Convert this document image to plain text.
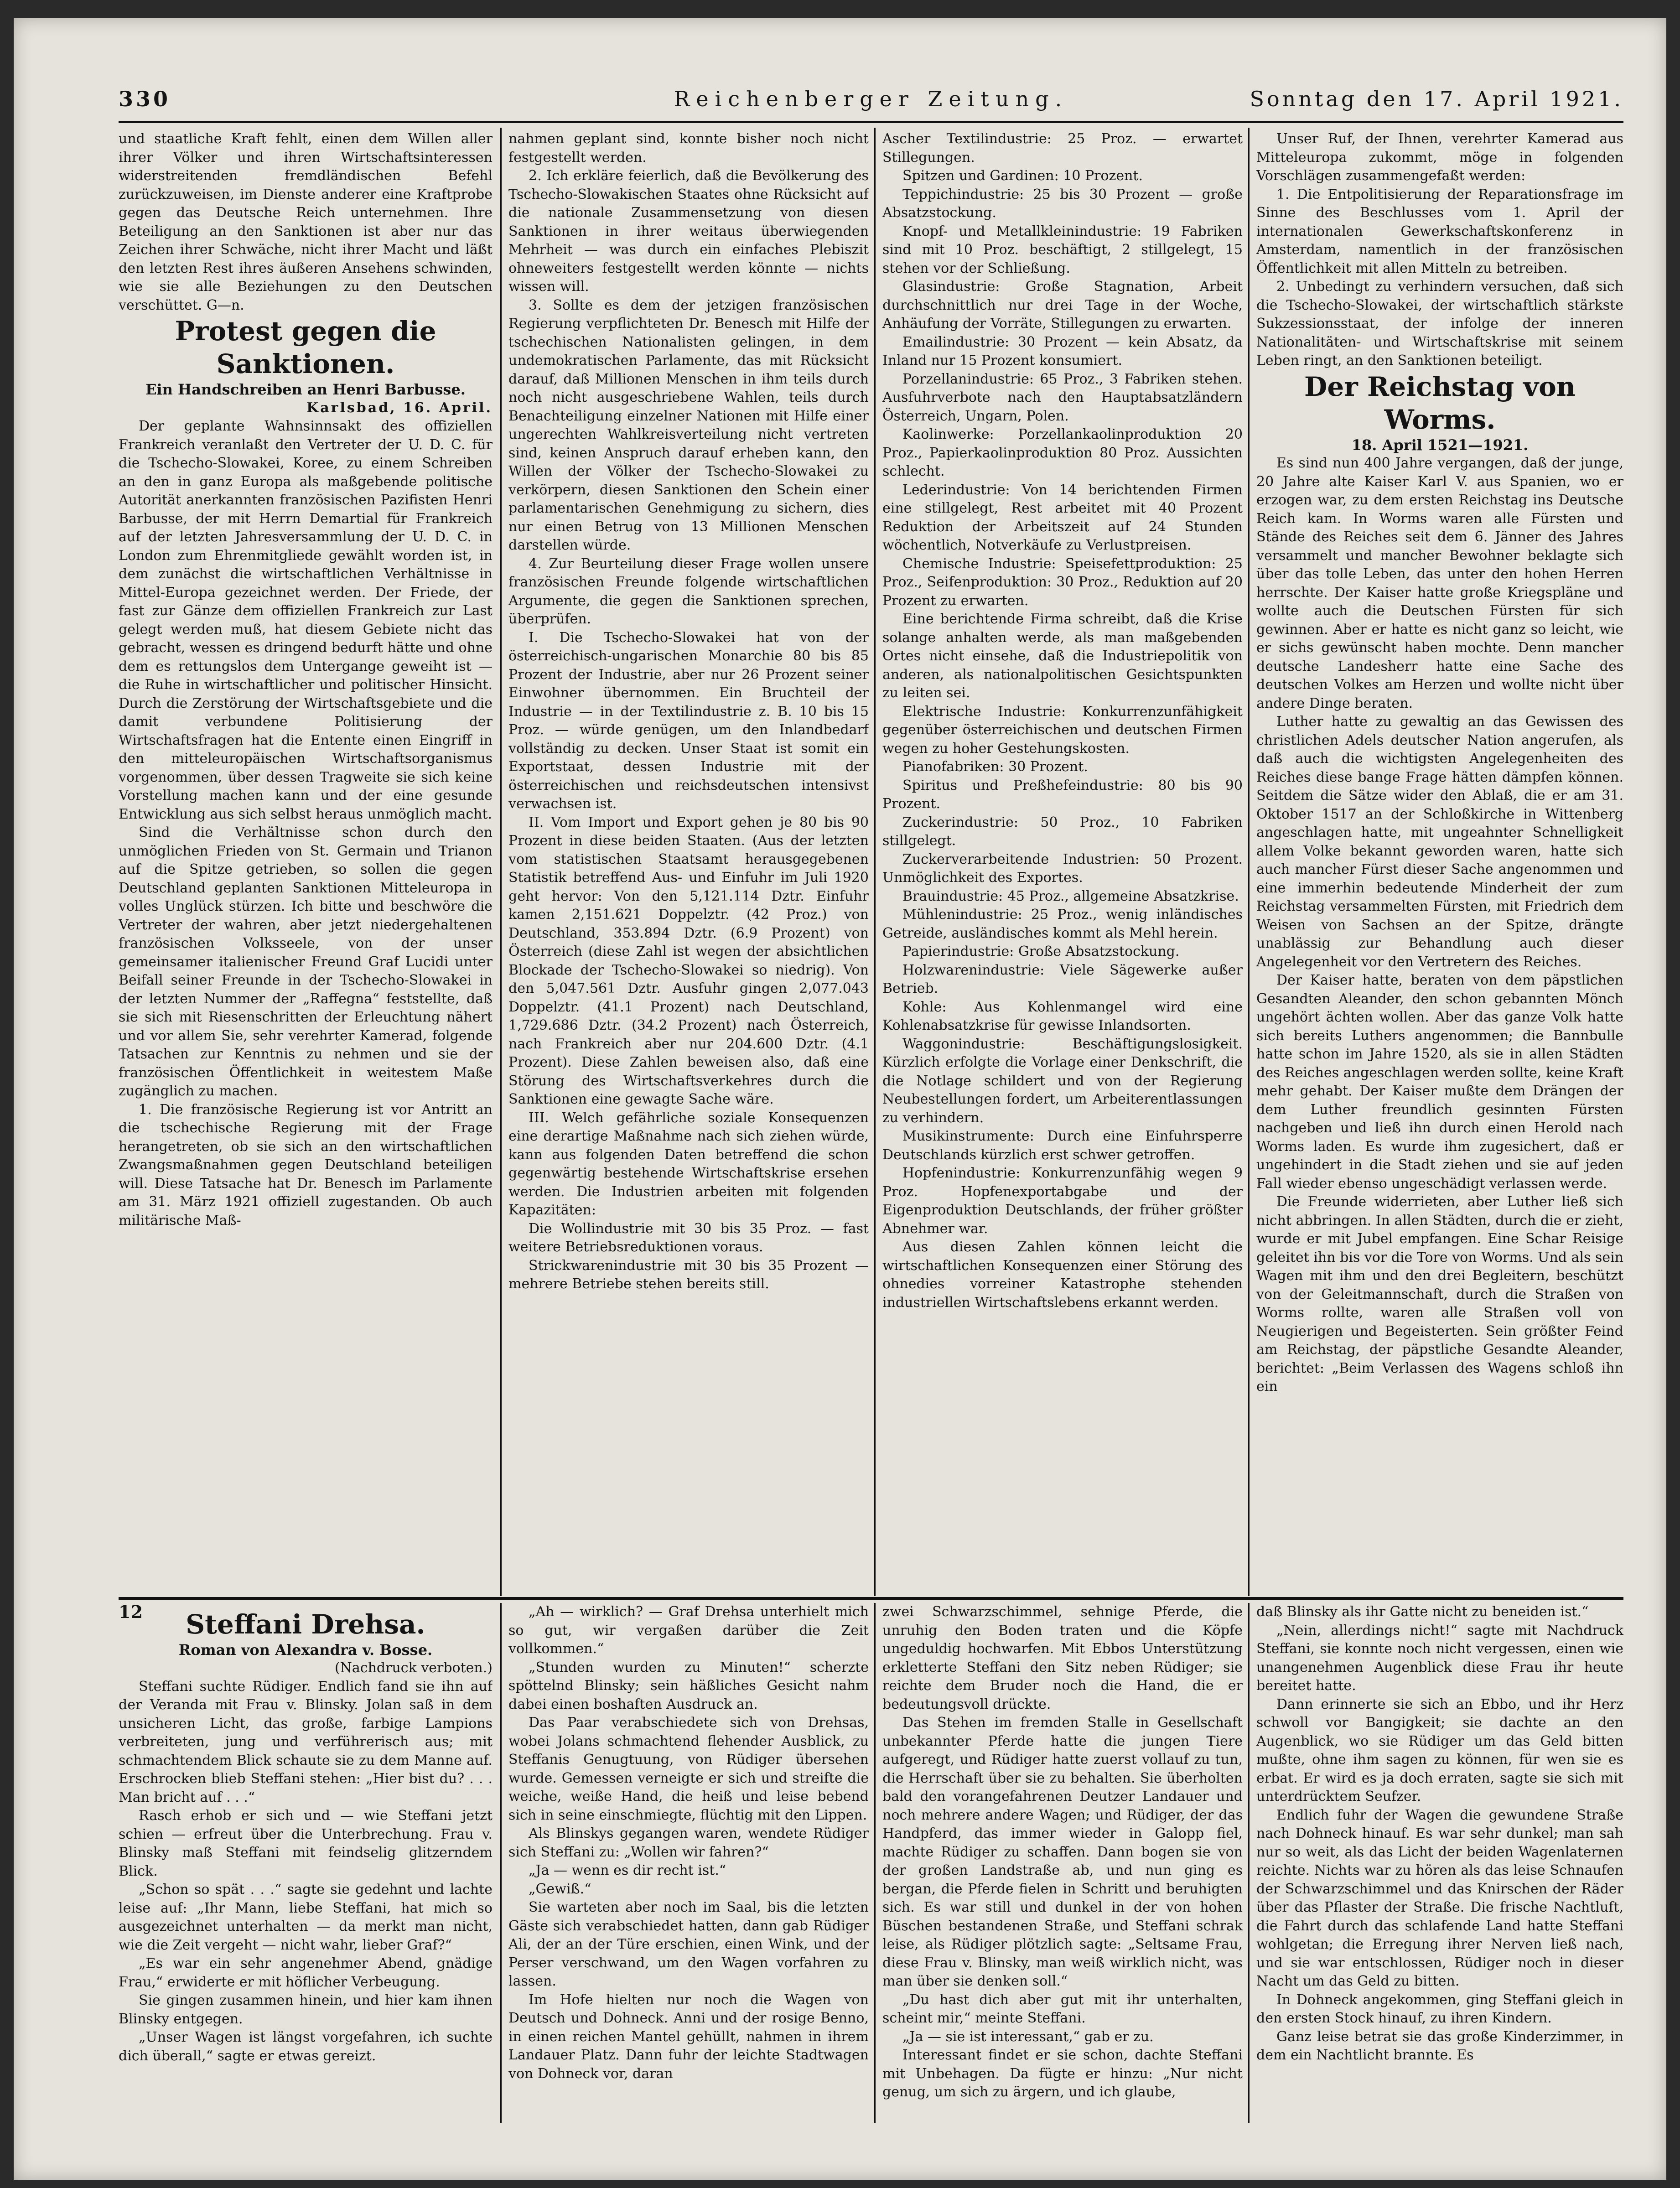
330	Reichenberger Zeitung.	Sonntag den 17. April 1921.

und staatliche Kraft fehlt, einen dem Willen aller ihrer Völker und ihren Wirtschaftsinteressen widerstreitenden fremdländischen Befehl zurückzuweisen, im Dienste anderer eine Kraftprobe gegen das Deutsche Reich unternehmen. Ihre Beteiligung an den Sanktionen ist aber nur das Zeichen ihrer Schwäche, nicht ihrer Macht und läßt den letzten Rest ihres äußeren Ansehens schwinden, wie sie alle Beziehungen zu den Deutschen verschüttet. G—n.

Protest gegen die Sanktionen.

Ein Handschreiben an Henri Barbusse.

Karlsbad, 16. April.

Der geplante Wahnsinnsakt des offiziellen Frankreich veranlaßt den Vertreter der U. D. C. für die Tschecho-Slowakei, Koree, zu einem Schreiben an den in ganz Europa als maßgebende politische Autorität anerkannten französischen Pazifisten Henri Barbusse, der mit Herrn Demartial für Frankreich auf der letzten Jahresversammlung der U. D. C. in London zum Ehrenmitgliede gewählt worden ist, in dem zunächst die wirtschaftlichen Verhältnisse in Mittel-Europa gezeichnet werden. Der Friede, der fast zur Gänze dem offiziellen Frankreich zur Last gelegt werden muß, hat diesem Gebiete nicht das gebracht, wessen es dringend bedurft hätte und ohne dem es rettungslos dem Untergange geweiht ist — die Ruhe in wirtschaftlicher und politischer Hinsicht. Durch die Zerstörung der Wirtschaftsgebiete und die damit verbundene Politisierung der Wirtschaftsfragen hat die Entente einen Eingriff in den mitteleuropäischen Wirtschaftsorganismus vorgenommen, über dessen Tragweite sie sich keine Vorstellung machen kann und der eine gesunde Entwicklung aus sich selbst heraus unmöglich macht.

Sind die Verhältnisse schon durch den unmöglichen Frieden von St. Germain und Trianon auf die Spitze getrieben, so sollen die gegen Deutschland geplanten Sanktionen Mitteleuropa in volles Unglück stürzen. Ich bitte und beschwöre die Vertreter der wahren, aber jetzt niedergehaltenen französischen Volksseele, von der unser gemeinsamer italienischer Freund Graf Lucidi unter Beifall seiner Freunde in der Tschecho-Slowakei in der letzten Nummer der „Raffegna“ feststellte, daß sie sich mit Riesenschritten der Erleuchtung nähert und vor allem Sie, sehr verehrter Kamerad, folgende Tatsachen zur Kenntnis zu nehmen und sie der französischen Öffentlichkeit in weitestem Maße zugänglich zu machen.

1. Die französische Regierung ist vor Antritt an die tschechische Regierung mit der Frage herangetreten, ob sie sich an den wirtschaftlichen Zwangsmaßnahmen gegen Deutschland beteiligen will. Diese Tatsache hat Dr. Benesch im Parlamente am 31. März 1921 offiziell zugestanden. Ob auch militärische Maß-

nahmen geplant sind, konnte bisher noch nicht festgestellt werden.

2. Ich erkläre feierlich, daß die Bevölkerung des Tschecho-Slowakischen Staates ohne Rücksicht auf die nationale Zusammensetzung von diesen Sanktionen in ihrer weitaus überwiegenden Mehrheit — was durch ein einfaches Plebiszit ohneweiters festgestellt werden könnte — nichts wissen will.

3. Sollte es dem der jetzigen französischen Regierung verpflichteten Dr. Benesch mit Hilfe der tschechischen Nationalisten gelingen, in dem undemokratischen Parlamente, das mit Rücksicht darauf, daß Millionen Menschen in ihm teils durch noch nicht ausgeschriebene Wahlen, teils durch Benachteiligung einzelner Nationen mit Hilfe einer ungerechten Wahlkreisverteilung nicht vertreten sind, keinen Anspruch darauf erheben kann, den Willen der Völker der Tschecho-Slowakei zu verkörpern, diesen Sanktionen den Schein einer parlamentarischen Genehmigung zu sichern, dies nur einen Betrug von 13 Millionen Menschen darstellen würde.

4. Zur Beurteilung dieser Frage wollen unsere französischen Freunde folgende wirtschaftlichen Argumente, die gegen die Sanktionen sprechen, überprüfen.

I. Die Tschecho-Slowakei hat von der österreichisch-ungarischen Monarchie 80 bis 85 Prozent der Industrie, aber nur 26 Prozent seiner Einwohner übernommen. Ein Bruchteil der Industrie — in der Textilindustrie z. B. 10 bis 15 Proz. — würde genügen, um den Inlandbedarf vollständig zu decken. Unser Staat ist somit ein Exportstaat, dessen Industrie mit der österreichischen und reichsdeutschen intensivst verwachsen ist.

II. Vom Import und Export gehen je 80 bis 90 Prozent in diese beiden Staaten. (Aus der letzten vom statistischen Staatsamt herausgegebenen Statistik betreffend Aus- und Einfuhr im Juli 1920 geht hervor: Von den 5,121.114 Dztr. Einfuhr kamen 2,151.621 Doppelztr. (42 Proz.) von Deutschland, 353.894 Dztr. (6.9 Prozent) von Österreich (diese Zahl ist wegen der absichtlichen Blockade der Tschecho-Slowakei so niedrig). Von den 5,047.561 Dztr. Ausfuhr gingen 2,077.043 Doppelztr. (41.1 Prozent) nach Deutschland, 1,729.686 Dztr. (34.2 Prozent) nach Österreich, nach Frankreich aber nur 204.600 Dztr. (4.1 Prozent). Diese Zahlen beweisen also, daß eine Störung des Wirtschaftsverkehres durch die Sanktionen eine gewagte Sache wäre.

III. Welch gefährliche soziale Konsequenzen eine derartige Maßnahme nach sich ziehen würde, kann aus folgenden Daten betreffend die schon gegenwärtig bestehende Wirtschaftskrise ersehen werden. Die Industrien arbeiten mit folgenden Kapazitäten:

Die Wollindustrie mit 30 bis 35 Proz. — fast weitere Betriebsreduktionen voraus.

Strickwarenindustrie mit 30 bis 35 Prozent — mehrere Betriebe stehen bereits still.

Ascher Textilindustrie: 25 Proz. — erwartet Stillegungen.

Spitzen und Gardinen: 10 Prozent.

Teppichindustrie: 25 bis 30 Prozent — große Absatzstockung.

Knopf- und Metallkleinindustrie: 19 Fabriken sind mit 10 Proz. beschäftigt, 2 stillgelegt, 15 stehen vor der Schließung.

Glasindustrie: Große Stagnation, Arbeit durchschnittlich nur drei Tage in der Woche, Anhäufung der Vorräte, Stillegungen zu erwarten.

Emailindustrie: 30 Prozent — kein Absatz, da Inland nur 15 Prozent konsumiert.

Porzellanindustrie: 65 Proz., 3 Fabriken stehen. Ausfuhrverbote nach den Hauptabsatzländern Österreich, Ungarn, Polen.

Kaolinwerke: Porzellankaolinproduktion 20 Proz., Papierkaolinproduktion 80 Proz. Aussichten schlecht.

Lederindustrie: Von 14 berichtenden Firmen eine stillgelegt, Rest arbeitet mit 40 Prozent Reduktion der Arbeitszeit auf 24 Stunden wöchentlich, Notverkäufe zu Verlustpreisen.

Chemische Industrie: Speisefettproduktion: 25 Proz., Seifenproduktion: 30 Proz., Reduktion auf 20 Prozent zu erwarten.

Eine berichtende Firma schreibt, daß die Krise solange anhalten werde, als man maßgebenden Ortes nicht einsehe, daß die Industriepolitik von anderen, als nationalpolitischen Gesichtspunkten zu leiten sei.

Elektrische Industrie: Konkurrenzunfähigkeit gegenüber österreichischen und deutschen Firmen wegen zu hoher Gestehungskosten.

Pianofabriken: 30 Prozent.

Spiritus und Preßhefeindustrie: 80 bis 90 Prozent.

Zuckerindustrie: 50 Proz., 10 Fabriken stillgelegt.

Zuckerverarbeitende Industrien: 50 Prozent. Unmöglichkeit des Exportes.

Brauindustrie: 45 Proz., allgemeine Absatzkrise.

Mühlenindustrie: 25 Proz., wenig inländisches Getreide, ausländisches kommt als Mehl herein.

Papierindustrie: Große Absatzstockung.

Holzwarenindustrie: Viele Sägewerke außer Betrieb.

Kohle: Aus Kohlenmangel wird eine Kohlenabsatzkrise für gewisse Inlandsorten.

Waggonindustrie: Beschäftigungslosigkeit. Kürzlich erfolgte die Vorlage einer Denkschrift, die die Notlage schildert und von der Regierung Neubestellungen fordert, um Arbeiterentlassungen zu verhindern.

Musikinstrumente: Durch eine Einfuhrsperre Deutschlands kürzlich erst schwer getroffen.

Hopfenindustrie: Konkurrenzunfähig wegen 9 Proz. Hopfenexportabgabe und der Eigenproduktion Deutschlands, der früher größter Abnehmer war.

Aus diesen Zahlen können leicht die wirtschaftlichen Konsequenzen einer Störung des ohnedies vorreiner Katastrophe stehenden industriellen Wirtschaftslebens erkannt werden.

Unser Ruf, der Ihnen, verehrter Kamerad aus Mitteleuropa zukommt, möge in folgenden Vorschlägen zusammengefaßt werden:

1. Die Entpolitisierung der Reparationsfrage im Sinne des Beschlusses vom 1. April der internationalen Gewerkschaftskonferenz in Amsterdam, namentlich in der französischen Öffentlichkeit mit allen Mitteln zu betreiben.

2. Unbedingt zu verhindern versuchen, daß sich die Tschecho-Slowakei, der wirtschaftlich stärkste Sukzessionsstaat, der infolge der inneren Nationalitäten- und Wirtschaftskrise mit seinem Leben ringt, an den Sanktionen beteiligt.

Der Reichstag von Worms.

18. April 1521—1921.

Es sind nun 400 Jahre vergangen, daß der junge, 20 Jahre alte Kaiser Karl V. aus Spanien, wo er erzogen war, zu dem ersten Reichstag ins Deutsche Reich kam. In Worms waren alle Fürsten und Stände des Reiches seit dem 6. Jänner des Jahres versammelt und mancher Bewohner beklagte sich über das tolle Leben, das unter den hohen Herren herrschte. Der Kaiser hatte große Kriegspläne und wollte auch die Deutschen Fürsten für sich gewinnen. Aber er hatte es nicht ganz so leicht, wie er sichs gewünscht haben mochte. Denn mancher deutsche Landesherr hatte eine Sache des deutschen Volkes am Herzen und wollte nicht über andere Dinge beraten.

Luther hatte zu gewaltig an das Gewissen des christlichen Adels deutscher Nation angerufen, als daß auch die wichtigsten Angelegenheiten des Reiches diese bange Frage hätten dämpfen können. Seitdem die Sätze wider den Ablaß, die er am 31. Oktober 1517 an der Schloßkirche in Wittenberg angeschlagen hatte, mit ungeahnter Schnelligkeit allem Volke bekannt geworden waren, hatte sich auch mancher Fürst dieser Sache angenommen und eine immerhin bedeutende Minderheit der zum Reichstag versammelten Fürsten, mit Friedrich dem Weisen von Sachsen an der Spitze, drängte unablässig zur Behandlung auch dieser Angelegenheit vor den Vertretern des Reiches.

Der Kaiser hatte, beraten von dem päpstlichen Gesandten Aleander, den schon gebannten Mönch ungehört ächten wollen. Aber das ganze Volk hatte sich bereits Luthers angenommen; die Bannbulle hatte schon im Jahre 1520, als sie in allen Städten des Reiches angeschlagen werden sollte, keine Kraft mehr gehabt. Der Kaiser mußte dem Drängen der dem Luther freundlich gesinnten Fürsten nachgeben und ließ ihn durch einen Herold nach Worms laden. Es wurde ihm zugesichert, daß er ungehindert in die Stadt ziehen und sie auf jeden Fall wieder ebenso ungeschädigt verlassen werde.

Die Freunde widerrieten, aber Luther ließ sich nicht abbringen. In allen Städten, durch die er zieht, wurde er mit Jubel empfangen. Eine Schar Reisige geleitet ihn bis vor die Tore von Worms. Und als sein Wagen mit ihm und den drei Begleitern, beschützt von der Geleitmannschaft, durch die Straßen von Worms rollte, waren alle Straßen voll von Neugierigen und Begeisterten. Sein größter Feind am Reichstag, der päpstliche Gesandte Aleander, berichtet: „Beim Verlassen des Wagens schloß ihn ein

12	Steffani Drehsa.

Roman von Alexandra v. Bosse.

(Nachdruck verboten.)

Steffani suchte Rüdiger. Endlich fand sie ihn auf der Veranda mit Frau v. Blinsky. Jolan saß in dem unsicheren Licht, das große, farbige Lampions verbreiteten, jung und verführerisch aus; mit schmachtendem Blick schaute sie zu dem Manne auf. Erschrocken blieb Steffani stehen: „Hier bist du? . . . Man bricht auf . . .“

Rasch erhob er sich und — wie Steffani jetzt schien — erfreut über die Unterbrechung. Frau v. Blinsky maß Steffani mit feindselig glitzerndem Blick.

„Schon so spät . . .“ sagte sie gedehnt und lachte leise auf: „Ihr Mann, liebe Steffani, hat mich so ausgezeichnet unterhalten — da merkt man nicht, wie die Zeit vergeht — nicht wahr, lieber Graf?“

„Es war ein sehr angenehmer Abend, gnädige Frau,“ erwiderte er mit höflicher Verbeugung.

Sie gingen zusammen hinein, und hier kam ihnen Blinsky entgegen.

„Unser Wagen ist längst vorgefahren, ich suchte dich überall,“ sagte er etwas gereizt.

„Ah — wirklich? — Graf Drehsa unterhielt mich so gut, wir vergaßen darüber die Zeit vollkommen.“

„Stunden wurden zu Minuten!“ scherzte spöttelnd Blinsky; sein häßliches Gesicht nahm dabei einen boshaften Ausdruck an.

Das Paar verabschiedete sich von Drehsas, wobei Jolans schmachtend flehender Ausblick, zu Steffanis Genugtuung, von Rüdiger übersehen wurde. Gemessen verneigte er sich und streifte die weiche, weiße Hand, die heiß und leise bebend sich in seine einschmiegte, flüchtig mit den Lippen.

Als Blinskys gegangen waren, wendete Rüdiger sich Steffani zu: „Wollen wir fahren?“

„Ja — wenn es dir recht ist.“

„Gewiß.“

Sie warteten aber noch im Saal, bis die letzten Gäste sich verabschiedet hatten, dann gab Rüdiger Ali, der an der Türe erschien, einen Wink, und der Perser verschwand, um den Wagen vorfahren zu lassen.

Im Hofe hielten nur noch die Wagen von Deutsch und Dohneck. Anni und der rosige Benno, in einen reichen Mantel gehüllt, nahmen in ihrem Landauer Platz. Dann fuhr der leichte Stadtwagen von Dohneck vor, daran

zwei Schwarzschimmel, sehnige Pferde, die unruhig den Boden traten und die Köpfe ungeduldig hochwarfen. Mit Ebbos Unterstützung erkletterte Steffani den Sitz neben Rüdiger; sie reichte dem Bruder noch die Hand, die er bedeutungsvoll drückte.

Das Stehen im fremden Stalle in Gesellschaft unbekannter Pferde hatte die jungen Tiere aufgeregt, und Rüdiger hatte zuerst vollauf zu tun, die Herrschaft über sie zu behalten. Sie überholten bald den vorangefahrenen Deutzer Landauer und noch mehrere andere Wagen; und Rüdiger, der das Handpferd, das immer wieder in Galopp fiel, machte Rüdiger zu schaffen. Dann bogen sie von der großen Landstraße ab, und nun ging es bergan, die Pferde fielen in Schritt und beruhigten sich. Es war still und dunkel in der von hohen Büschen bestandenen Straße, und Steffani schrak leise, als Rüdiger plötzlich sagte: „Seltsame Frau, diese Frau v. Blinsky, man weiß wirklich nicht, was man über sie denken soll.“

„Du hast dich aber gut mit ihr unterhalten, scheint mir,“ meinte Steffani.

„Ja — sie ist interessant,“ gab er zu.

Interessant findet er sie schon, dachte Steffani mit Unbehagen. Da fügte er hinzu: „Nur nicht genug, um sich zu ärgern, und ich glaube,

daß Blinsky als ihr Gatte nicht zu beneiden ist.“

„Nein, allerdings nicht!“ sagte mit Nachdruck Steffani, sie konnte noch nicht vergessen, einen wie unangenehmen Augenblick diese Frau ihr heute bereitet hatte.

Dann erinnerte sie sich an Ebbo, und ihr Herz schwoll vor Bangigkeit; sie dachte an den Augenblick, wo sie Rüdiger um das Geld bitten mußte, ohne ihm sagen zu können, für wen sie es erbat. Er wird es ja doch erraten, sagte sie sich mit unterdrücktem Seufzer.

Endlich fuhr der Wagen die gewundene Straße nach Dohneck hinauf. Es war sehr dunkel; man sah nur so weit, als das Licht der beiden Wagenlaternen reichte. Nichts war zu hören als das leise Schnaufen der Schwarzschimmel und das Knirschen der Räder über das Pflaster der Straße. Die frische Nachtluft, die Fahrt durch das schlafende Land hatte Steffani wohlgetan; die Erregung ihrer Nerven ließ nach, und sie war entschlossen, Rüdiger noch in dieser Nacht um das Geld zu bitten.

In Dohneck angekommen, ging Steffani gleich in den ersten Stock hinauf, zu ihren Kindern.

Ganz leise betrat sie das große Kinderzimmer, in dem ein Nachtlicht brannte. Es
